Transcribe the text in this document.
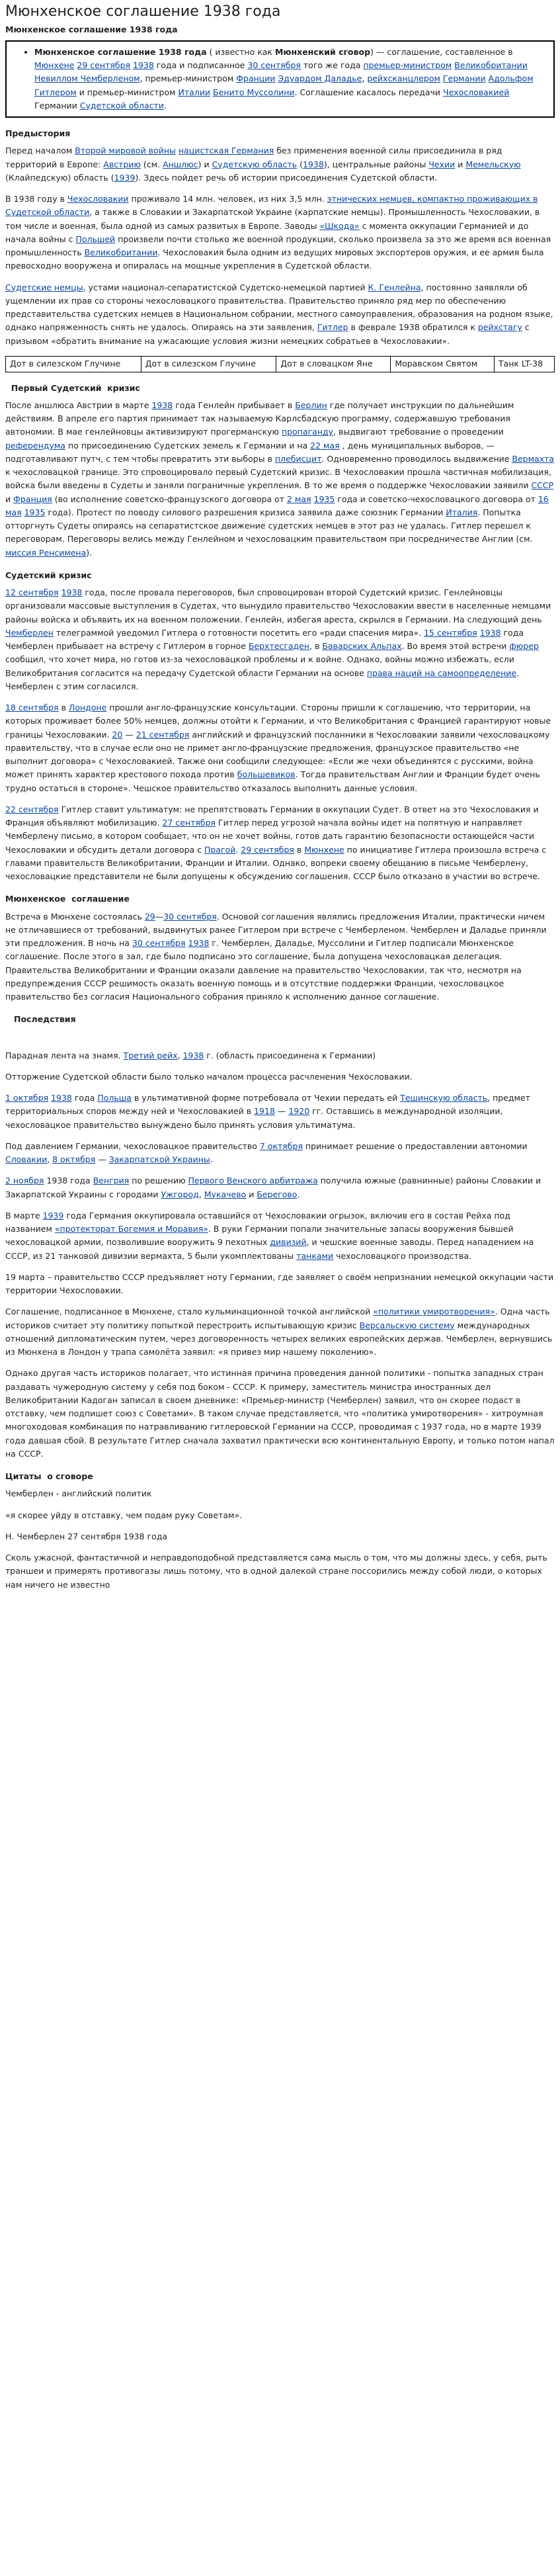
Мюнхенское соглашение 1938 года
Мюнхенское соглашение 1938 года
• Мюнхенское соглашение 1938 года ( известно как Мюнхенский сговор) — соглашение, составленное в Мюнхене 29 сентября 1938 года и подписанное 30 сентября того же года премьер-министром Великобритании Невиллом Чемберленом, премьер-министром Франции Эдуардом Даладье, рейхсканцлером Германии Адольфом Гитлером и премьер-министром Италии Бенито Муссолини. Соглашение касалось передачи Чехословакией Германии Судетской области.
Предыстория

Перед началом Второй мировой войны нацистская Германия без применения военной силы присоединила в ряд территорий в Европе: Австрию (см. Аншлюс) и Судетскую область (1938), центральные районы Чехии и Мемельскую (Клайпедскую) область (1939). Здесь пойдет речь об истории присоединения Судетской области.

В 1938 году в Чехословакии проживало 14 млн. человек, из них 3,5 млн. этнических немцев, компактно проживающих в Судетской области, а также в Словакии и Закарпатской Украине (карпатские немцы). Промышленность Чехословакии, в том числе и военная, была одной из самых развитых в Европе. Заводы «Шкода» с момента оккупации Германией и до начала войны с Польшей произвели почти столько же военной продукции, сколько произвела за это же время вся военная промышленность Великобритании. Чехословакия была одним из ведущих мировых экспортеров оружия, и ее армия была превосходно вооружена и опиралась на мощные укрепления в Судетской области.

Судетские немцы, устами национал-сепаратистской Судетско-немецкой партией К. Генлейна, постоянно заявляли об ущемлении их прав со стороны чехословацкого правительства. Правительство приняло ряд мер по обеспечению представительства судетских немцев в Национальном собрании, местного самоуправления, образования на родном языке, однако напряженность снять не удалось. Опираясь на эти заявления, Гитлер в феврале 1938 обратился к рейхстагу с призывом «обратить внимание на ужасающие условия жизни немецких собратьев в Чехословакии».

Дот в силезском Глучине	Дот в силезском Глучине	Дот в словацком Яне	Моравском Святом	Танк LT-38
Первый Судетский  кризис

После аншлюса Австрии в марте 1938 года Генлейн прибывает в Берлин где получает инструкции по дальнейшим действиям. В апреле его партия принимает так называемую Карлсбадскую программу, содержавшую требования автономии. В мае генлейновцы активизируют прогерманскую пропаганду, выдвигают требование о проведении референдума по присоединению Судетских земель к Германии и на 22 мая , день муниципальных выборов, — подготавливают путч, с тем чтобы превратить эти выборы в плебисцит. Одновременно проводилось выдвижение Вермахта к чехословацкой границе. Это спровоцировало первый Судетский кризис. В Чехословакии прошла частичная мобилизация, войска были введены в Судеты и заняли пограничные укрепления. В то же время о поддержке Чехословакии заявили СССР и Франция (во исполнение советско-французского договора от 2 мая 1935 года и советско-чехословацкого договора от 16 мая 1935 года). Протест по поводу силового разрешения кризиса заявила даже союзник Германии Италия. Попытка отторгнуть Судеты опираясь на сепаратистское движение судетских немцев в этот раз не удалась. Гитлер перешел к переговорам. Переговоры велись между Генлейном и чехословацким правительством при посредничестве Англии (см. миссия Ренсимена).

Судетский кризис

12 сентября 1938 года, после провала переговоров, был спровоцирован второй Судетский кризис. Генлейновцы организовали массовые выступления в Судетах, что вынудило правительство Чехословакии ввести в населенные немцами районы войска и объявить их на военном положении. Генлейн, избегая ареста, скрылся в Германии. На следующий день Чемберлен телеграммой уведомил Гитлера о готовности посетить его «ради спасения мира». 15 сентября 1938 года Чемберлен прибывает на встречу с Гитлером в горное Берхтесгаден, в Баварских Альпах. Во время этой встречи фюрер сообщил, что хочет мира, но готов из-за чехословацкой проблемы и к войне. Однако, войны можно избежать, если Великобритания согласится на передачу Судетской области Германии на основе права наций на самоопределение. Чемберлен с этим согласился.

18 сентября в Лондоне прошли англо-французские консультации. Стороны пришли к соглашению, что территории, на которых проживает более 50% немцев, должны отойти к Германии, и что Великобритания с Францией гарантируют новые границы Чехословакии. 20 — 21 сентября английский и французский посланники в Чехословакии заявили чехословацкому правительству, что в случае если оно не примет англо-французские предложения, французское правительство «не выполнит договора» с Чехословакией. Также они сообщили следующее: «Если же чехи объединятся с русскими, война может принять характер крестового похода против большевиков. Тогда правительствам Англии и Франции будет очень трудно остаться в стороне». Чешское правительство отказалось выполнить данные условия.

22 сентября Гитлер ставит ультиматум: не препятствовать Германии в оккупации Судет. В ответ на это Чехословакия и Франция объявляют мобилизацию. 27 сентября Гитлер перед угрозой начала войны идет на попятную и направляет Чемберлену письмо, в котором сообщает, что он не хочет войны, готов дать гарантию безопасности остающейся части Чехословакии и обсудить детали договора с Прагой. 29 сентября в Мюнхене по инициативе Гитлера произошла встреча с главами правительств Великобритании, Франции и Италии. Однако, вопреки своему обещанию в письме Чемберлену, чехословацкие представители не были допущены к обсуждению соглашения. СССР было отказано в участии во встрече.

Мюнхенское  соглашение

Встреча в Мюнхене состоялась 29—30 сентября. Основой соглашения являлись предложения Италии, практически ничем не отличавшиеся от требований, выдвинутых ранее Гитлером при встрече с Чемберленом. Чемберлен и Даладье приняли эти предложения. В ночь на 30 сентября 1938 г. Чемберлен, Даладье, Муссолини и Гитлер подписали Мюнхенское соглашение. После этого в зал, где было подписано это соглашение, была допущена чехословацкая делегация. Правительства Великобритании и Франции оказали давление на правительство Чехословакии, так что, несмотря на предупреждения СССР решимость оказать военную помощь и в отсутствие поддержки Франции, чехословацкое правительство без согласия Национального собрания приняло к исполнению данное соглашение.

Последствия

Парадная лента на знамя. Третий рейх, 1938 г. (область присоединена к Германии)

Отторжение Судетской области было только началом процесса расчленения Чехословакии.

1 октября 1938 года Польша в ультимативной форме потребовала от Чехии передать ей Тешинскую область, предмет территориальных споров между ней и Чехословакией в 1918 — 1920 гг. Оставшись в международной изоляции, чехословацкое правительство вынуждено было принять условия ультиматума.

Под давлением Германии, чехословацкое правительство 7 октября принимает решение о предоставлении автономии Словакии, 8 октября — Закарпатской Украины.

2 ноября 1938 года Венгрия по решению Первого Венского арбитража получила южные (равнинные) районы Словакии и Закарпатской Украины с городами Ужгород, Мукачево и Берегово.

В марте 1939 года Германия оккупировала оставшийся от Чехословакии огрызок, включив его в состав Рейха под названием «протекторат Богемия и Моравия». В руки Германии попали значительные запасы вооружения бывшей чехословацкой армии, позволившие вооружить 9 пехотных дивизий, и чешские военные заводы. Перед нападением на СССР, из 21 танковой дивизии вермахта, 5 были укомплектованы танками чехословацкого производства.

19 марта – правительство СССР предъявляет ноту Германии, где заявляет о своём непризнании немецкой оккупации части территории Чехословакии.

Соглашение, подписанное в Мюнхене, стало кульминационной точкой английской «политики умиротворения». Одна часть историков считает эту политику попыткой перестроить испытывающую кризис Версальскую систему международных отношений дипломатическим путем, через договоренность четырех великих европейских держав. Чемберлен, вернувшись из Мюнхена в Лондон у трапа самолёта заявил: «я привез мир нашему поколению».

Однако другая часть историков полагает, что истинная причина проведения данной политики - попытка западных стран раздавать чужеродную систему у себя под боком - СССР. К примеру, заместитель министра иностранных дел Великобритании Кадоган записал в своем дневнике: «Премьер-министр (Чемберлен) заявил, что он скорее подаст в отставку, чем подпишет союз с Советами». В таком случае представляется, что «политика умиротворения» - хитроумная многоходовая комбинация по натравливанию гитлеровской Германии на СССР, проводимая с 1937 года, но в марте 1939 года давшая сбой. В результате Гитлер сначала захватил практически всю континентальную Европу, и только потом напал на СССР.

Цитаты  о сговоре

Чемберлен - английский политик

«я скорее уйду в отставку, чем подам руку Советам».

Н. Чемберлен 27 сентября 1938 года

Сколь ужасной, фантастичной и неправдоподобной представляется сама мысль о том, что мы должны здесь, у себя, рыть траншеи и примерять противогазы лишь потому, что в одной далекой стране поссорились между собой люди, о которых нам ничего не известно
